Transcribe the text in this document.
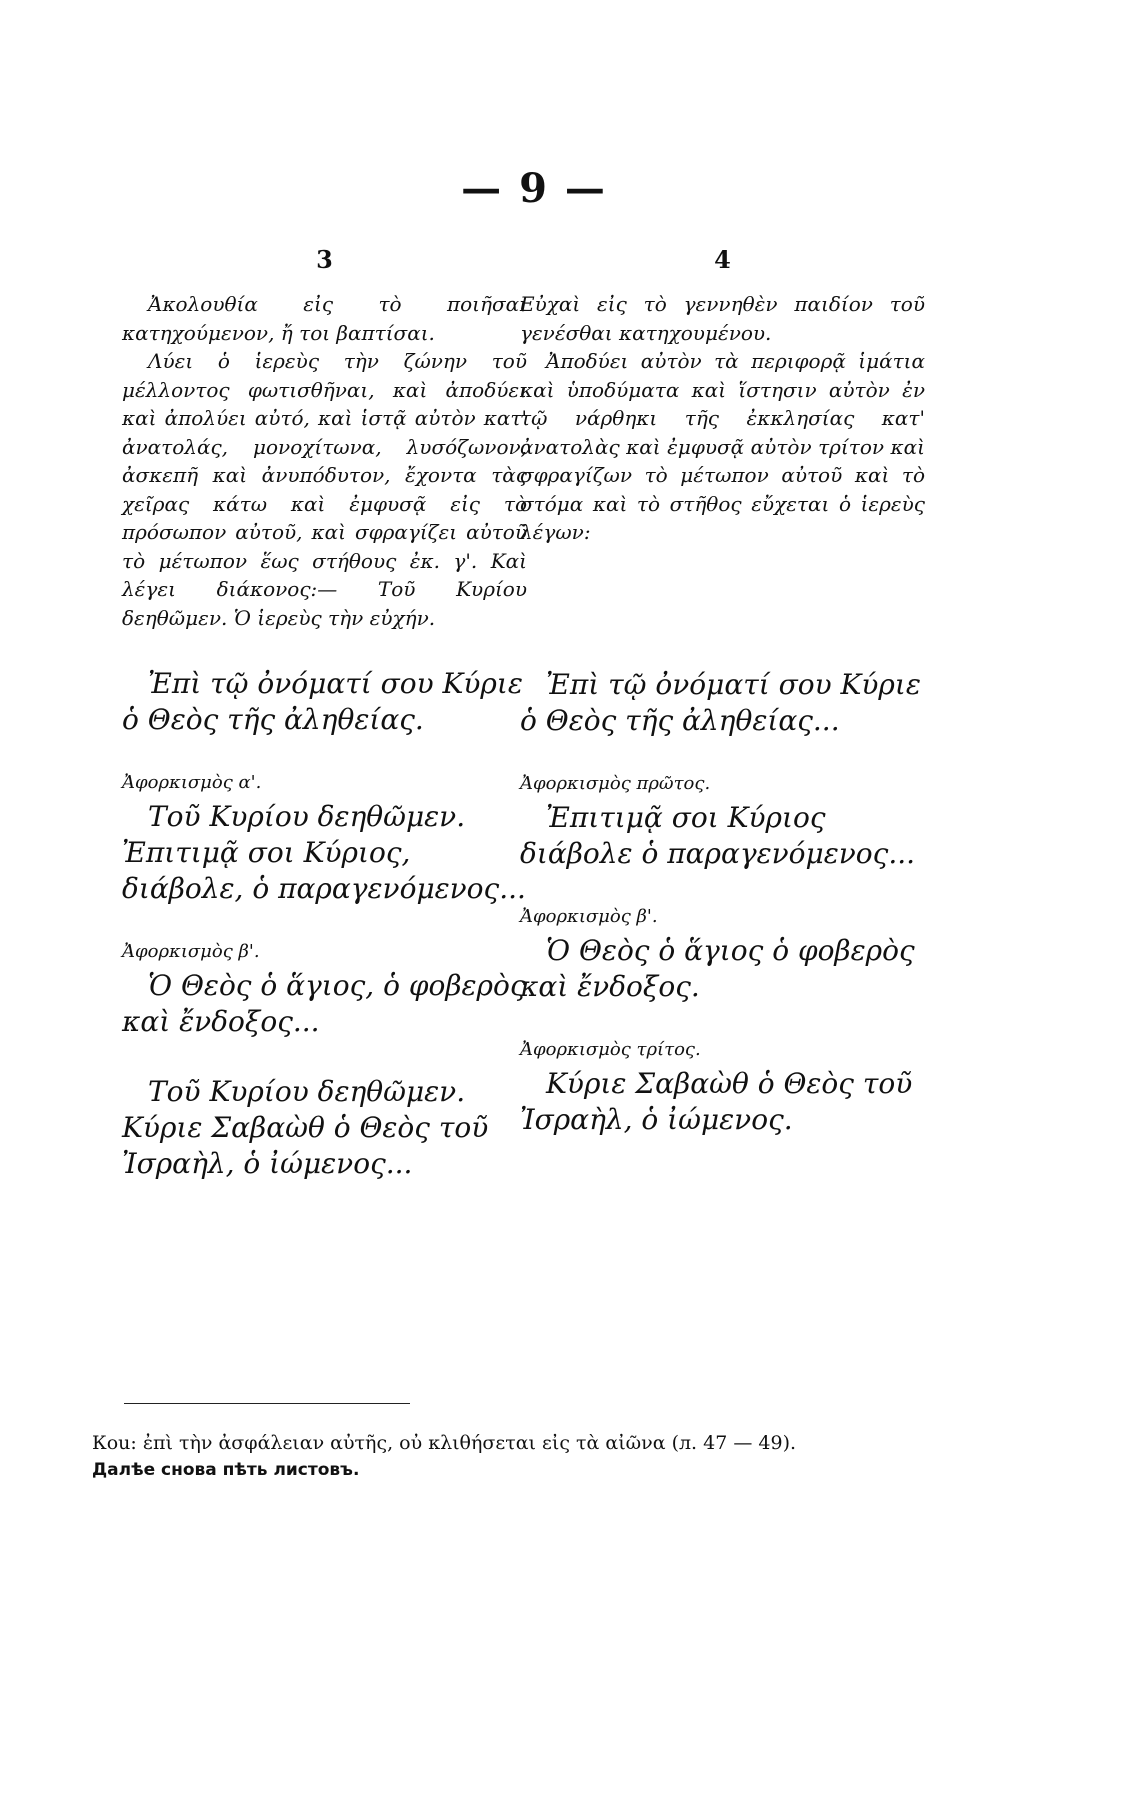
— 9 —
3

Ἀκολουθία εἰς τὸ ποιῆσαι κατηχούμενον, ἤ τοι βαπτίσαι.

Λύει ὁ ἱερεὺς τὴν ζώνην τοῦ μέλλοντος φωτισθῆναι, καὶ ἀποδύει καὶ ἀπολύει αὐτό, καὶ ἱστᾷ αὐτὸν κατ' ἀνατολάς, μονοχίτωνα, λυσόζωνον, ἀσκεπῆ καὶ ἀνυπόδυτον, ἔχοντα τὰς χεῖρας κάτω καὶ ἐμφυσᾷ εἰς τὸ πρόσωπον αὐτοῦ, καὶ σφραγίζει αὐτοῦ τὸ μέτωπον ἕως στήθους ἐκ. γ'. Καὶ λέγει διάκονος:— Τοῦ Κυρίου δεηθῶμεν. Ὁ ἱερεὺς τὴν εὐχήν.

Ἐπὶ τῷ ὀνόματί σου Κύριε ὁ Θεὸς τῆς ἀληθείας.

Ἀφορκισμὸς α'.
Τοῦ Κυρίου δεηθῶμεν. Ἐπιτιμᾷ σοι Κύριος, διάβολε, ὁ παραγενόμενος...
Ἀφορκισμὸς β'.
Ὁ Θεὸς ὁ ἅγιος, ὁ φοβερὸς καὶ ἔνδοξος...
Τοῦ Κυρίου δεηθῶμεν. Κύριε Σαβαὼθ ὁ Θεὸς τοῦ Ἰσραὴλ, ὁ ἰώμενος...
4

Εὐχαὶ εἰς τὸ γεννηθὲν παιδίον τοῦ γενέσθαι κατηχουμένου.

Ἀποδύει αὐτὸν τὰ περιφορᾷ ἱμάτια καὶ ὑποδύματα καὶ ἵστησιν αὐτὸν ἐν τῷ νάρθηκι τῆς ἐκκλησίας κατ' ἀνατολὰς καὶ ἐμφυσᾷ αὐτὸν τρίτον καὶ σφραγίζων τὸ μέτωπον αὐτοῦ καὶ τὸ στόμα καὶ τὸ στῆθος εὔχεται ὁ ἱερεὺς λέγων:

Ἐπὶ τῷ ὀνόματί σου Κύριε ὁ Θεὸς τῆς ἀληθείας...

Ἀφορκισμὸς πρῶτος.
Ἐπιτιμᾷ σοι Κύριος διάβολε ὁ παραγενόμενος...
Ἀφορκισμὸς β'.
Ὁ Θεὸς ὁ ἅγιος ὁ φοβερὸς καὶ ἔνδοξος.
Ἀφορκισμὸς τρίτος.
Κύριε Σαβαὼθ ὁ Θεὸς τοῦ Ἰσραὴλ, ὁ ἰώμενος.

Коu: ἐπὶ τὴν ἀσφάλειαν αὐτῆς, οὐ κλιθήσεται εἰς τὰ αἰῶνα (л. 47 — 49).

Далѣе снова пѣть листовъ.
